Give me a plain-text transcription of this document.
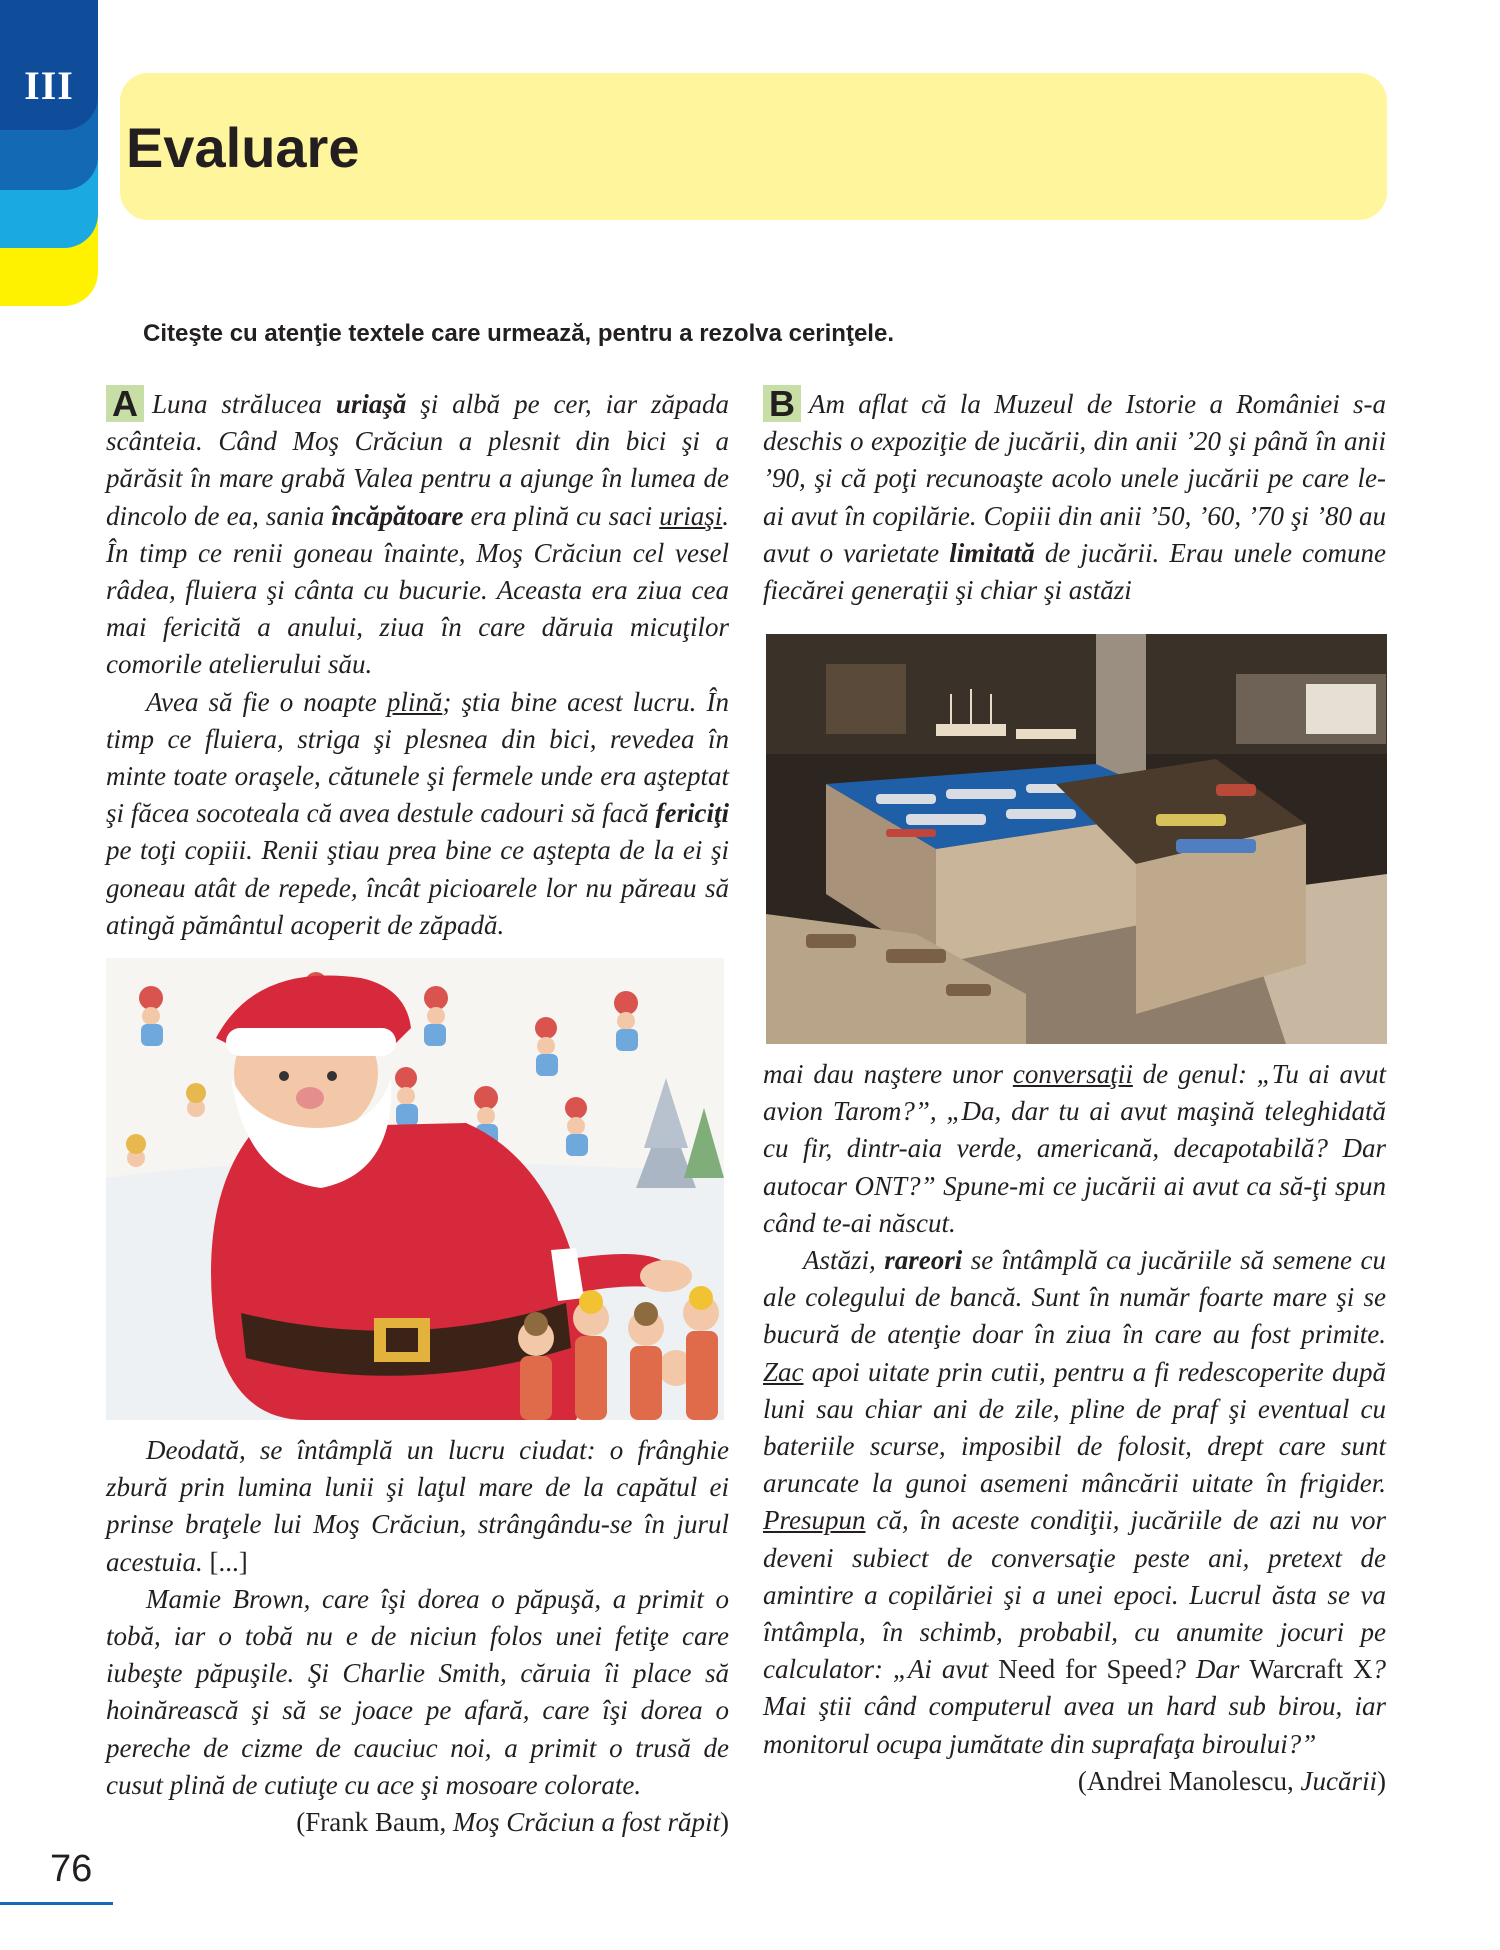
III
Evaluare
Citeşte cu atenţie textele care urmează, pentru a rezolva cerinţele.

A Luna strălucea uriaşă şi albă pe cer, iar zăpada scânteia. Când Moş Crăciun a plesnit din bici şi a părăsit în mare grabă Valea pentru a ajunge în lumea de dincolo de ea, sania încăpătoare era plină cu saci uriaşi. În timp ce renii goneau înainte, Moş Crăciun cel vesel râdea, fluiera şi cânta cu bucurie. Aceasta era ziua cea mai fericită a anului, ziua în care dăruia micuţilor comorile atelierului său.

Avea să fie o noapte plină; ştia bine acest lucru. În timp ce fluiera, striga şi plesnea din bici, revedea în minte toate oraşele, cătunele şi fermele unde era aşteptat şi făcea socoteala că avea destule cadouri să facă fericiţi pe toţi copiii. Renii ştiau prea bine ce aştepta de la ei şi goneau atât de repede, încât picioarele lor nu păreau să atingă pământul acoperit de zăpadă.

Deodată, se întâmplă un lucru ciudat: o frânghie zbură prin lumina lunii şi laţul mare de la capătul ei prinse braţele lui Moş Crăciun, strângându-se în jurul acestuia. [...]

Mamie Brown, care îşi dorea o păpuşă, a primit o tobă, iar o tobă nu e de niciun folos unei fetiţe care iubeşte păpuşile. Şi Charlie Smith, căruia îi place să hoinărească şi să se joace pe afară, care îşi dorea o pereche de cizme de cauciuc noi, a primit o trusă de cusut plină de cutiuţe cu ace şi mosoare colorate.

(Frank Baum, Moş Crăciun a fost răpit)

B Am aflat că la Muzeul de Istorie a României s-a deschis o expoziţie de jucării, din anii ’20 şi până în anii ’90, şi că poţi recunoaşte acolo unele jucării pe care le-ai avut în copilărie. Copiii din anii ’50, ’60, ’70 şi ’80 au avut o varietate limitată de jucării. Erau unele comune fiecărei generaţii şi chiar şi astăzi

mai dau naştere unor conversaţii de genul: „Tu ai avut avion Tarom?”, „Da, dar tu ai avut maşină teleghidată cu fir, dintr-aia verde, americană, decapotabilă? Dar autocar ONT?” Spune-mi ce jucării ai avut ca să-ţi spun când te-ai născut.

Astăzi, rareori se întâmplă ca jucăriile să semene cu ale colegului de bancă. Sunt în număr foarte mare şi se bucură de atenţie doar în ziua în care au fost primite. Zac apoi uitate prin cutii, pentru a fi redescoperite după luni sau chiar ani de zile, pline de praf şi eventual cu bateriile scurse, imposibil de folosit, drept care sunt aruncate la gunoi asemeni mâncării uitate în frigider. Presupun că, în aceste condiţii, jucăriile de azi nu vor deveni subiect de conversaţie peste ani, pretext de amintire a copilăriei şi a unei epoci. Lucrul ăsta se va întâmpla, în schimb, probabil, cu anumite jocuri pe calculator: „Ai avut Need for Speed? Dar Warcraft X? Mai ştii când computerul avea un hard sub birou, iar monitorul ocupa jumătate din suprafaţa biroului?”

(Andrei Manolescu, Jucării)

76
